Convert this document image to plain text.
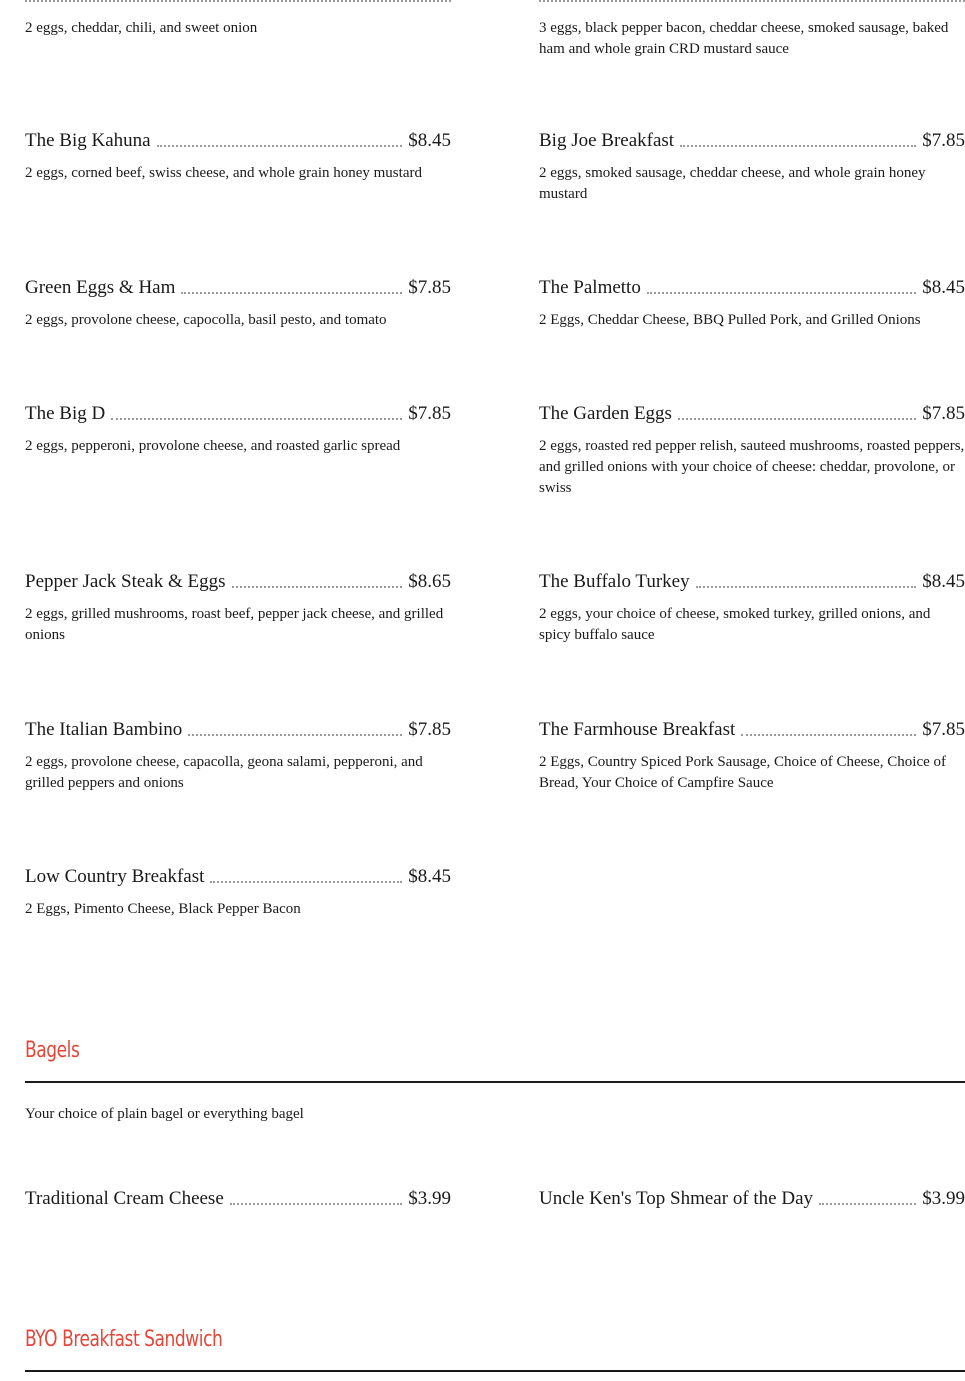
2 eggs, cheddar, chili, and sweet onion	3 eggs, black pepper bacon, cheddar cheese, smoked sausage, baked ham and whole grain CRD mustard sauce
The Big Kahuna	$8.45
2 eggs, corned beef, swiss cheese, and whole grain honey mustard
Big Joe Breakfast	$7.85
2 eggs, smoked sausage, cheddar cheese, and whole grain honey mustard
Green Eggs & Ham	$7.85
2 eggs, provolone cheese, capocolla, basil pesto, and tomato
The Palmetto	$8.45
2 Eggs, Cheddar Cheese, BBQ Pulled Pork, and Grilled Onions
The Big D	$7.85
2 eggs, pepperoni, provolone cheese, and roasted garlic spread
The Garden Eggs	$7.85
2 eggs, roasted red pepper relish, sauteed mushrooms, roasted peppers, and grilled onions with your choice of cheese: cheddar, provolone, or swiss
Pepper Jack Steak & Eggs	$8.65
2 eggs, grilled mushrooms, roast beef, pepper jack cheese, and grilled onions
The Buffalo Turkey	$8.45
2 eggs, your choice of cheese, smoked turkey, grilled onions, and spicy buffalo sauce
The Italian Bambino	$7.85
2 eggs, provolone cheese, capacolla, geona salami, pepperoni, and grilled peppers and onions
The Farmhouse Breakfast	$7.85
2 Eggs, Country Spiced Pork Sausage, Choice of Cheese, Choice of Bread, Your Choice of Campfire Sauce
Low Country Breakfast	$8.45
2 Eggs, Pimento Cheese, Black Pepper Bacon
Bagels
Your choice of plain bagel or everything bagel
Traditional Cream Cheese	$3.99	Uncle Ken's Top Shmear of the Day	$3.99
BYO Breakfast Sandwich
